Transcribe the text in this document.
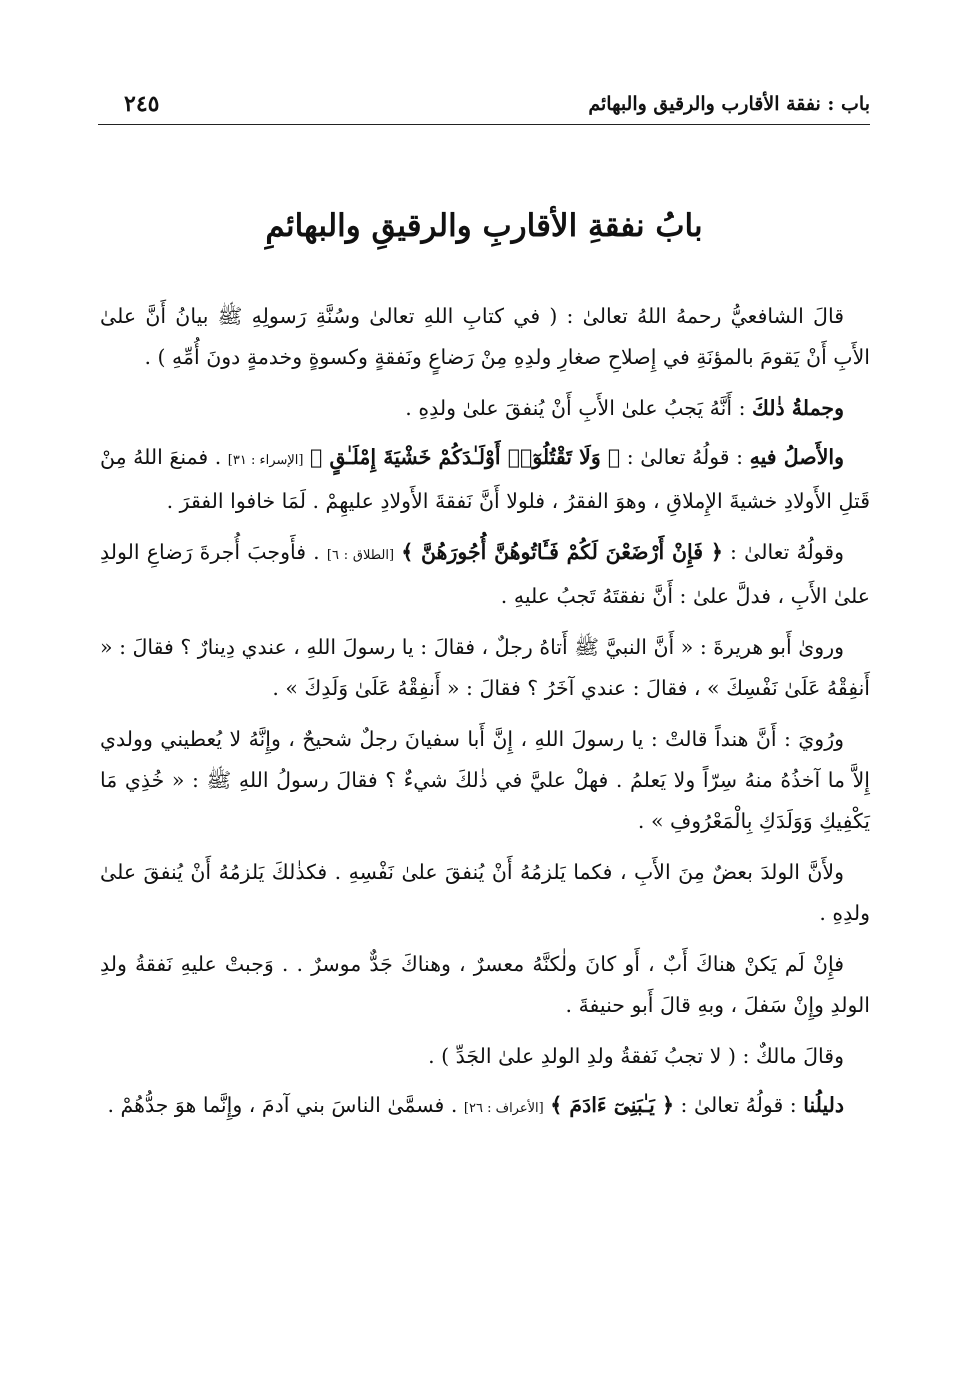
باب : نفقة الأقارب والرقيق والبهائم
٢٤٥
بابُ نفقةِ الأقاربِ والرقيقِ والبهائمِ

قالَ الشافعيُّ رحمهُ اللهُ تعالىٰ : ( في كتابِ اللهِ تعالىٰ وسُنَّةِ رَسولِهِ ﷺ بيانُ أَنَّ علىٰ الأَبِ أَنْ يَقومَ بالمؤنَةِ في إِصلاحِ صغارِ ولدِهِ مِنْ رَضاعٍ ونَفقةٍ وكسوةٍ وخدمةٍ دونَ أُمِّهِ ) .

وجملةُ ذٰلكَ : أَنَّهُ يَجبُ علىٰ الأَبِ أَنْ يُنفقَ علىٰ ولدِهِ .

والأَصلُ فيهِ : قولُهُ تعالىٰ : ﴿ وَلَا تَقْتُلُوٓا۟ أَوْلَـٰدَكُمْ خَشْيَةَ إِمْلَـٰقٍ ﴾ [الإسراء : ٣١] . فمنعَ اللهُ مِنْ قَتلِ الأَولادِ خشيةَ الإِملاقِ ، وهوَ الفقرُ ، فلولا أَنَّ نَفقةَ الأَولادِ عليهِمْ . لَمَا خافوا الفقرَ .

وقولُهُ تعالىٰ : ﴿ فَإِنْ أَرْضَعْنَ لَكُمْ فَـَٔاتُوهُنَّ أُجُورَهُنَّ ﴾ [الطلاق : ٦] . فأَوجبَ أُجرةَ رَضاعِ الولدِ علىٰ الأَبِ ، فدلَّ علىٰ : أَنَّ نفقتَهُ تَجبُ عليهِ .

وروىٰ أَبو هريرةَ : « أَنَّ النبيَّ ﷺ أَتاهُ رجلٌ ، فقالَ : يا رسولَ اللهِ ، عندي دِينارٌ ؟ فقالَ : « أَنفِقْهُ عَلَىٰ نَفْسِكَ » ، فقالَ : عندي آخَرُ ؟ فقالَ : « أَنفِقْهُ عَلَىٰ وَلَدِكَ » .

ورُويَ : أَنَّ هنداً قالتْ : يا رسولَ اللهِ ، إِنَّ أَبا سفيانَ رجلٌ شحيحٌ ، وإِنَّهُ لا يُعطيني وولدي إِلاَّ ما آخذُهُ منهُ سِرّاً ولا يَعلمُ . فهلْ عليَّ في ذٰلكَ شيءٌ ؟ فقالَ رسولُ اللهِ ﷺ : « خُذِي مَا يَكْفِيكِ وَوَلَدَكِ بِالْمَعْرُوفِ » .

ولأَنَّ الولدَ بعضٌ مِنَ الأَبِ ، فكما يَلزمُهُ أَنْ يُنفقَ علىٰ نَفْسِهِ . فكذٰلكَ يَلزمُهُ أَنْ يُنفقَ علىٰ ولدِهِ .

فإِنْ لَم يَكنْ هناكَ أَبٌ ، أَو كانَ ولٰكنَّهُ معسرٌ ، وهناكَ جَدٌّ موسرٌ . . وَجبتْ عليهِ نَفقةُ ولدِ الولدِ وإِنْ سَفلَ ، وبهِ قالَ أَبو حنيفةَ .

وقالَ مالكٌ : ( لا تجبُ نَفقةُ ولدِ الولدِ علىٰ الجَدِّ ) .

دليلُنا : قولُهُ تعالىٰ : ﴿ يَـٰبَنِىٓ ءَادَمَ ﴾ [الأعراف : ٢٦] . فسمَّىٰ الناسَ بني آدمَ ، وإِنَّما هوَ جدُّهُمْ .
